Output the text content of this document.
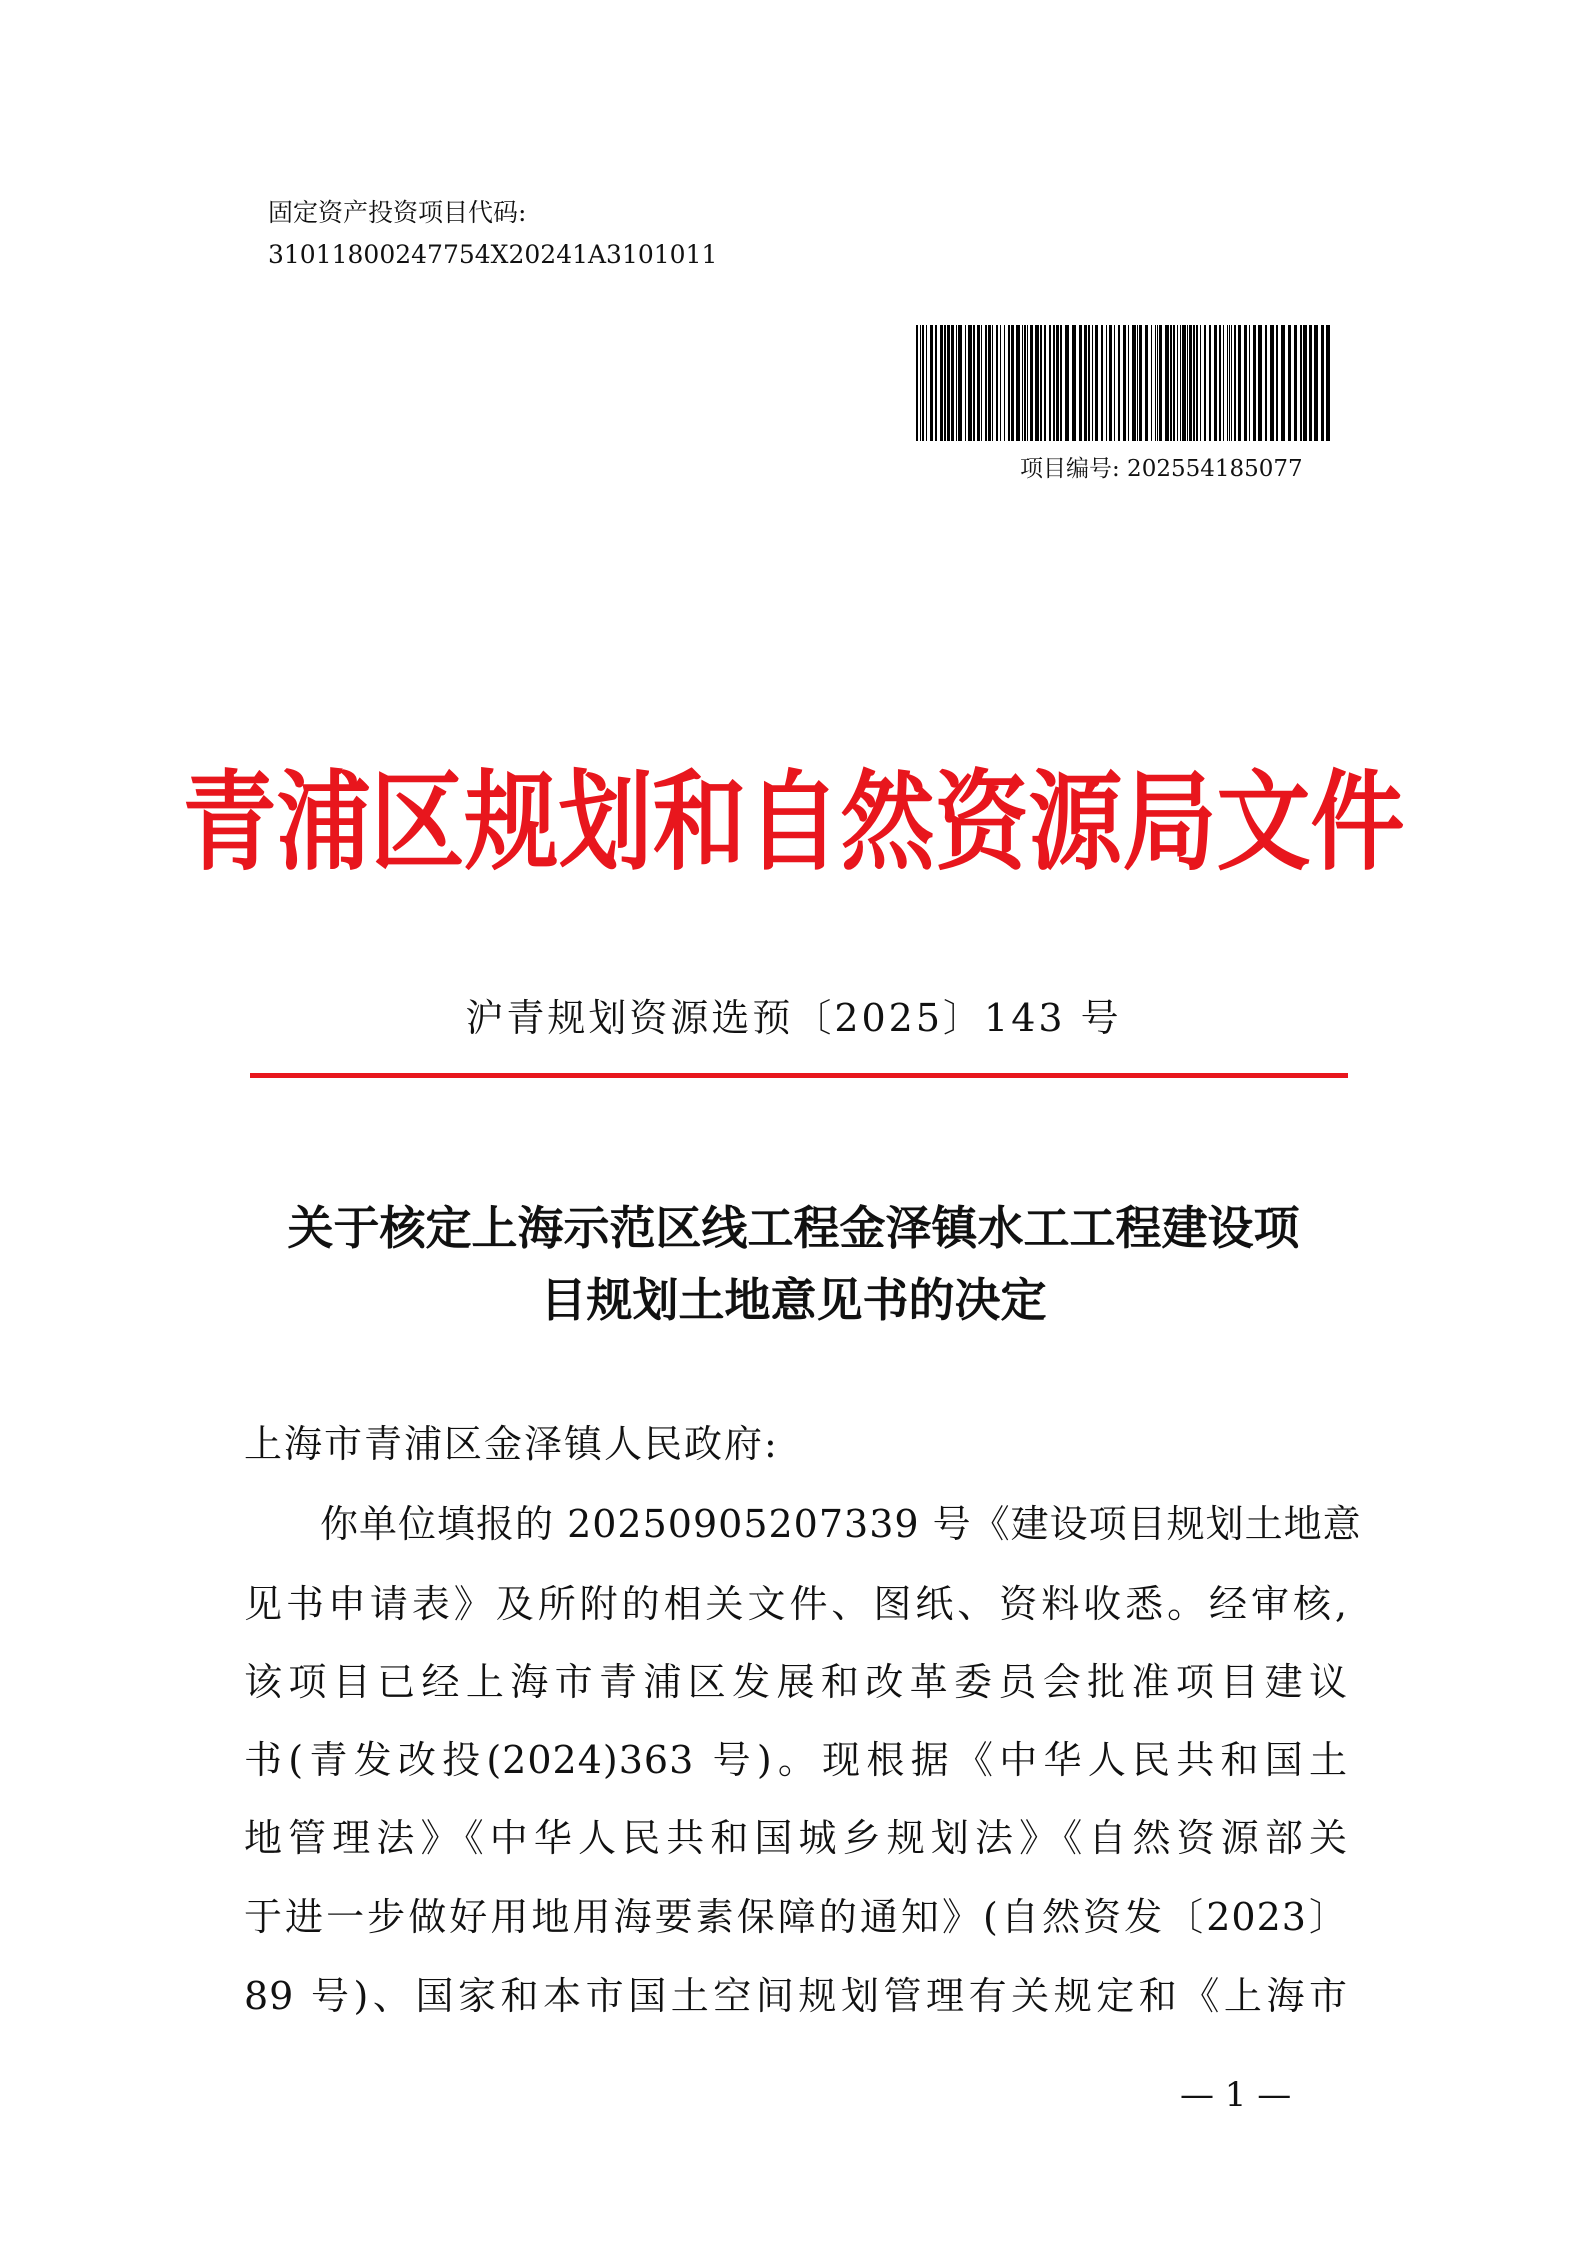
固定资产投资项目代码:
31011800247754X20241A3101011
项目编号: 202554185077
青浦区规划和自然资源局文件
沪青规划资源选预〔2025〕143 号
关于核定上海示范区线工程金泽镇水工工程建设项
目规划土地意见书的决定
上海市青浦区金泽镇人民政府:
你单位填报的 20250905207339 号《建设项目规划土地意
见书申请表》及所附的相关文件、图纸、资料收悉。经审核,
该项目已经上海市青浦区发展和改革委员会批准项目建议
书(青发改投(2024)363 号)。现根据《中华人民共和国土
地管理法》《中华人民共和国城乡规划法》《自然资源部关
于进一步做好用地用海要素保障的通知》(自然资发〔2023〕
89 号)、国家和本市国土空间规划管理有关规定和《上海市
— 1 —
